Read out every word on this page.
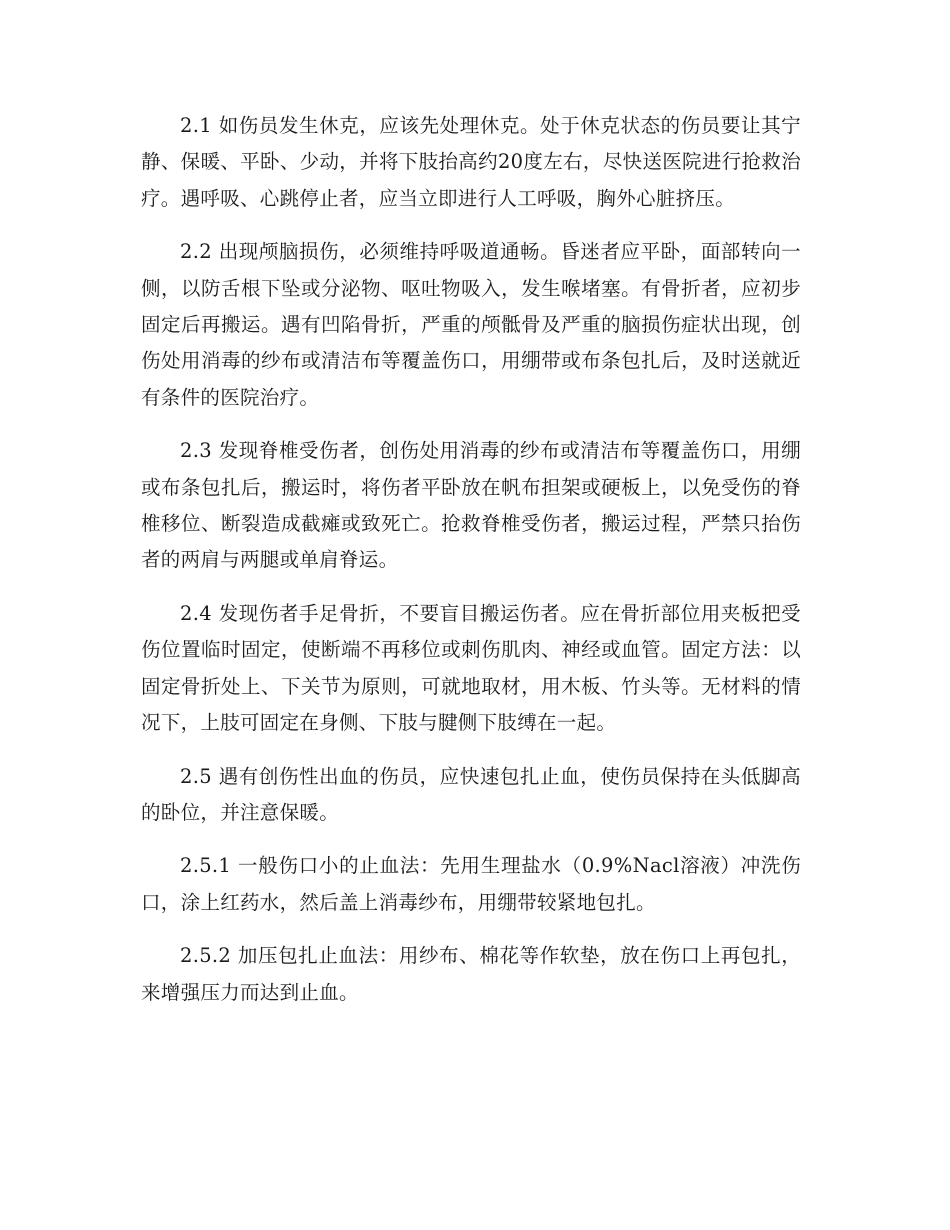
2.1 如伤员发生休克，应该先处理休克。处于休克状态的伤员要让其宁静、保暖、平卧、少动，并将下肢抬高约20度左右，尽快送医院进行抢救治疗。遇呼吸、心跳停止者，应当立即进行人工呼吸，胸外心脏挤压。

2.2 出现颅脑损伤，必须维持呼吸道通畅。昏迷者应平卧，面部转向一侧，以防舌根下坠或分泌物、呕吐物吸入，发生喉堵塞。有骨折者，应初步固定后再搬运。遇有凹陷骨折，严重的颅骶骨及严重的脑损伤症状出现，创伤处用消毒的纱布或清洁布等覆盖伤口，用绷带或布条包扎后，及时送就近有条件的医院治疗。

2.3 发现脊椎受伤者，创伤处用消毒的纱布或清洁布等覆盖伤口，用绷或布条包扎后，搬运时，将伤者平卧放在帆布担架或硬板上，以免受伤的脊椎移位、断裂造成截瘫或致死亡。抢救脊椎受伤者，搬运过程，严禁只抬伤者的两肩与两腿或单肩脊运。

2.4 发现伤者手足骨折，不要盲目搬运伤者。应在骨折部位用夹板把受伤位置临时固定，使断端不再移位或刺伤肌肉、神经或血管。固定方法：以固定骨折处上、下关节为原则，可就地取材，用木板、竹头等。无材料的情况下，上肢可固定在身侧、下肢与腱侧下肢缚在一起。

2.5 遇有创伤性出血的伤员，应快速包扎止血，使伤员保持在头低脚高的卧位，并注意保暖。

2.5.1 一般伤口小的止血法：先用生理盐水（0.9%Nacl溶液）冲洗伤口，涂上红药水，然后盖上消毒纱布，用绷带较紧地包扎。

2.5.2 加压包扎止血法：用纱布、棉花等作软垫，放在伤口上再包扎，来增强压力而达到止血。
